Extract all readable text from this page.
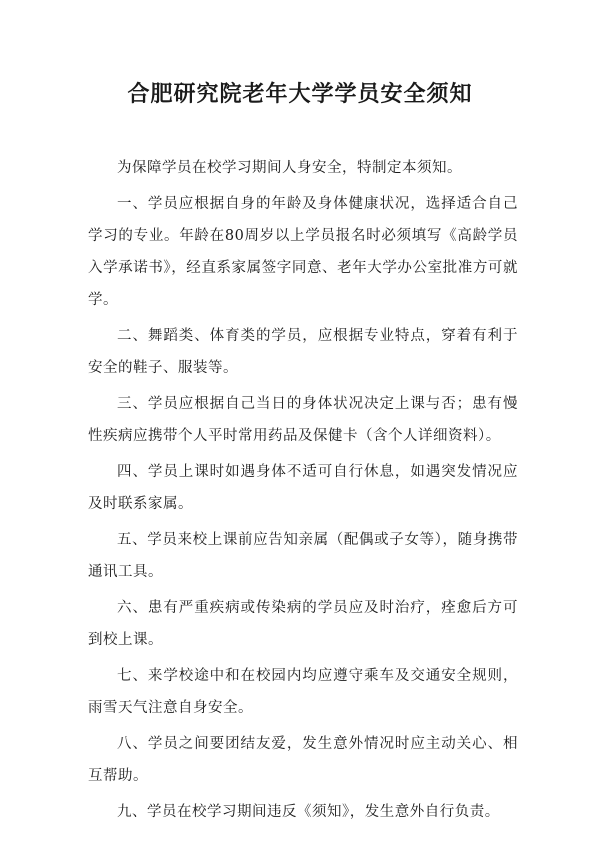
合肥研究院老年大学学员安全须知

为保障学员在校学习期间人身安全，特制定本须知。

一、学员应根据自身的年龄及身体健康状况，选择适合自己学习的专业。年龄在80周岁以上学员报名时必须填写《高龄学员入学承诺书》，经直系家属签字同意、老年大学办公室批准方可就学。

二、舞蹈类、体育类的学员，应根据专业特点，穿着有利于安全的鞋子、服装等。

三、学员应根据自己当日的身体状况决定上课与否；患有慢性疾病应携带个人平时常用药品及保健卡（含个人详细资料）。

四、学员上课时如遇身体不适可自行休息，如遇突发情况应及时联系家属。

五、学员来校上课前应告知亲属（配偶或子女等），随身携带通讯工具。

六、患有严重疾病或传染病的学员应及时治疗，痊愈后方可到校上课。

七、来学校途中和在校园内均应遵守乘车及交通安全规则，雨雪天气注意自身安全。

八、学员之间要团结友爱，发生意外情况时应主动关心、相互帮助。

九、学员在校学习期间违反《须知》，发生意外自行负责。
